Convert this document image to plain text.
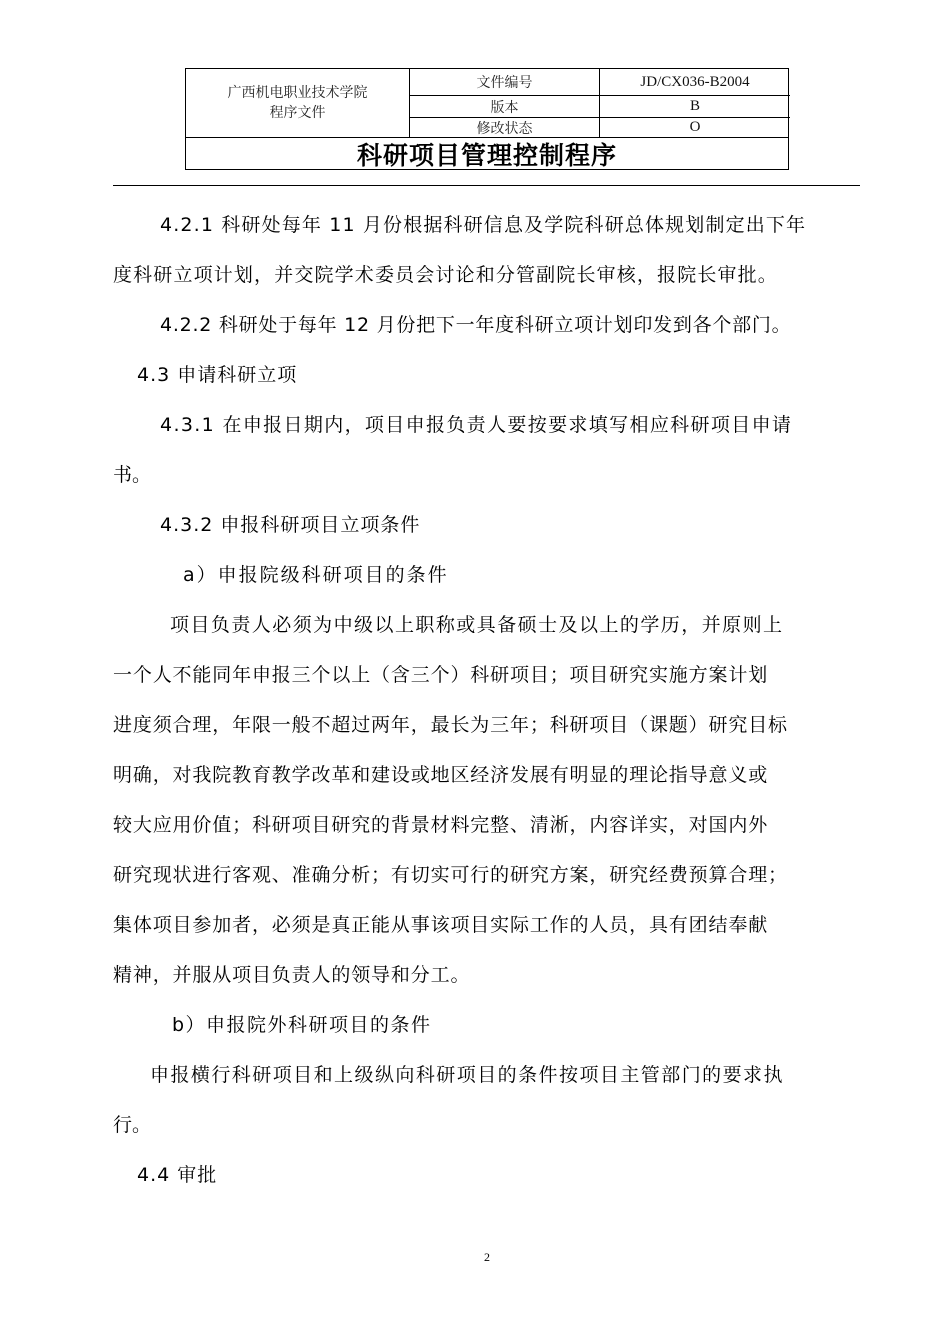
广西机电职业技术学院
程序文件
文件编号	JD/CX036-B2004
版本	B
修改状态	O
科研项目管理控制程序
4.2.1 科研处每年 11 月份根据科研信息及学院科研总体规划制定出下年
度科研立项计划，并交院学术委员会讨论和分管副院长审核，报院长审批。
4.2.2 科研处于每年 12 月份把下一年度科研立项计划印发到各个部门。
4.3 申请科研立项
4.3.1 在申报日期内，项目申报负责人要按要求填写相应科研项目申请
书。
4.3.2 申报科研项目立项条件
a）申报院级科研项目的条件
项目负责人必须为中级以上职称或具备硕士及以上的学历，并原则上
一个人不能同年申报三个以上（含三个）科研项目；项目研究实施方案计划
进度须合理，年限一般不超过两年，最长为三年；科研项目（课题）研究目标
明确，对我院教育教学改革和建设或地区经济发展有明显的理论指导意义或
较大应用价值；科研项目研究的背景材料完整、清淅，内容详实，对国内外
研究现状进行客观、准确分析；有切实可行的研究方案，研究经费预算合理；
集体项目参加者，必须是真正能从事该项目实际工作的人员，具有团结奉献
精神，并服从项目负责人的领导和分工。
b）申报院外科研项目的条件
申报横行科研项目和上级纵向科研项目的条件按项目主管部门的要求执
行。
4.4 审批
2
